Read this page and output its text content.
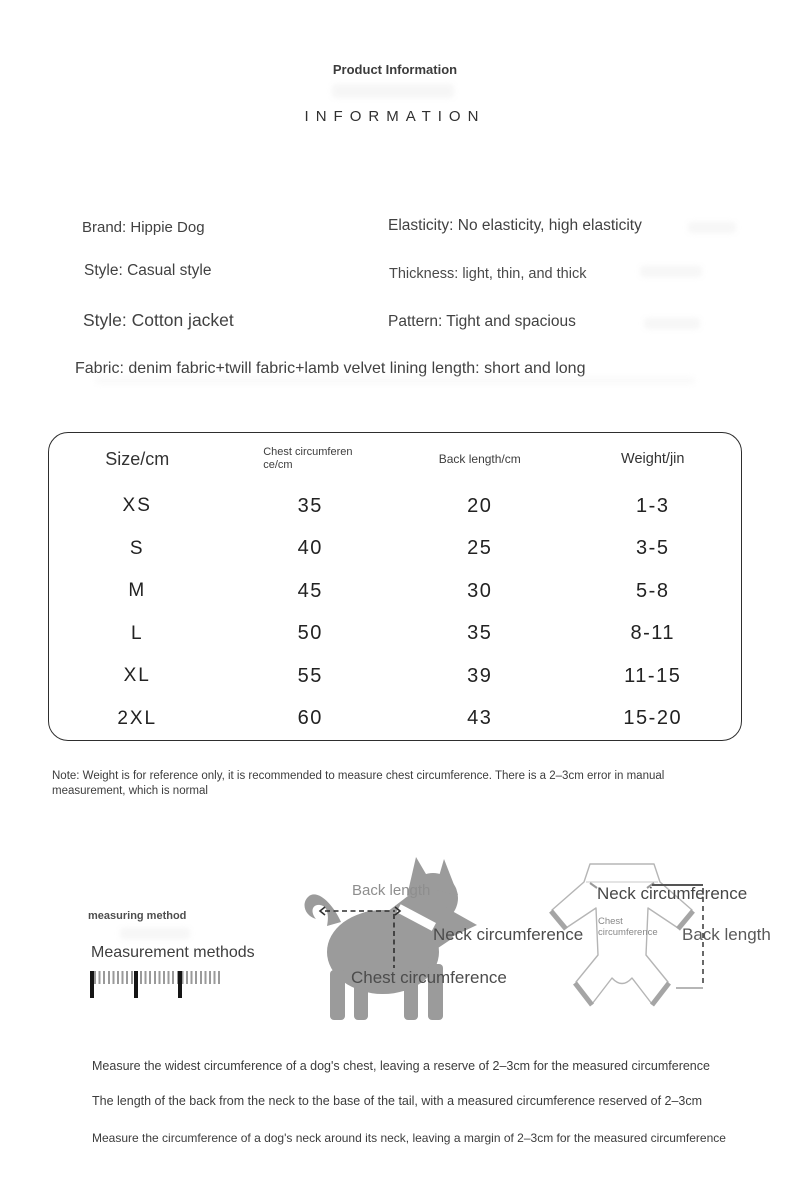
Product Information
INFORMATION
Brand: Hippie Dog
Style: Casual style
Style: Cotton jacket
Elasticity: No elasticity, high elasticity
Thickness: light, thin, and thick
Pattern: Tight and spacious
Fabric: denim fabric+twill fabric+lamb velvet lining length: short and long
Size/cm	Chest circumference/cm	Back length/cm	Weight/jin
XS	35	20	1-3
S	40	25	3-5
M	45	30	5-8
L	50	35	8-11
XL	55	39	11-15
2XL	60	43	15-20
Note: Weight is for reference only, it is recommended to measure chest circumference. There is a 2–3cm error in manual measurement, which is normal
measuring method
Measurement methods
Back length
Neck circumference
Chest circumference
Neck circumference
Chest circumference	Back length
Measure the widest circumference of a dog's chest, leaving a reserve of 2–3cm for the measured circumference
The length of the back from the neck to the base of the tail, with a measured circumference reserved of 2–3cm
Measure the circumference of a dog's neck around its neck, leaving a margin of 2–3cm for the measured circumference
